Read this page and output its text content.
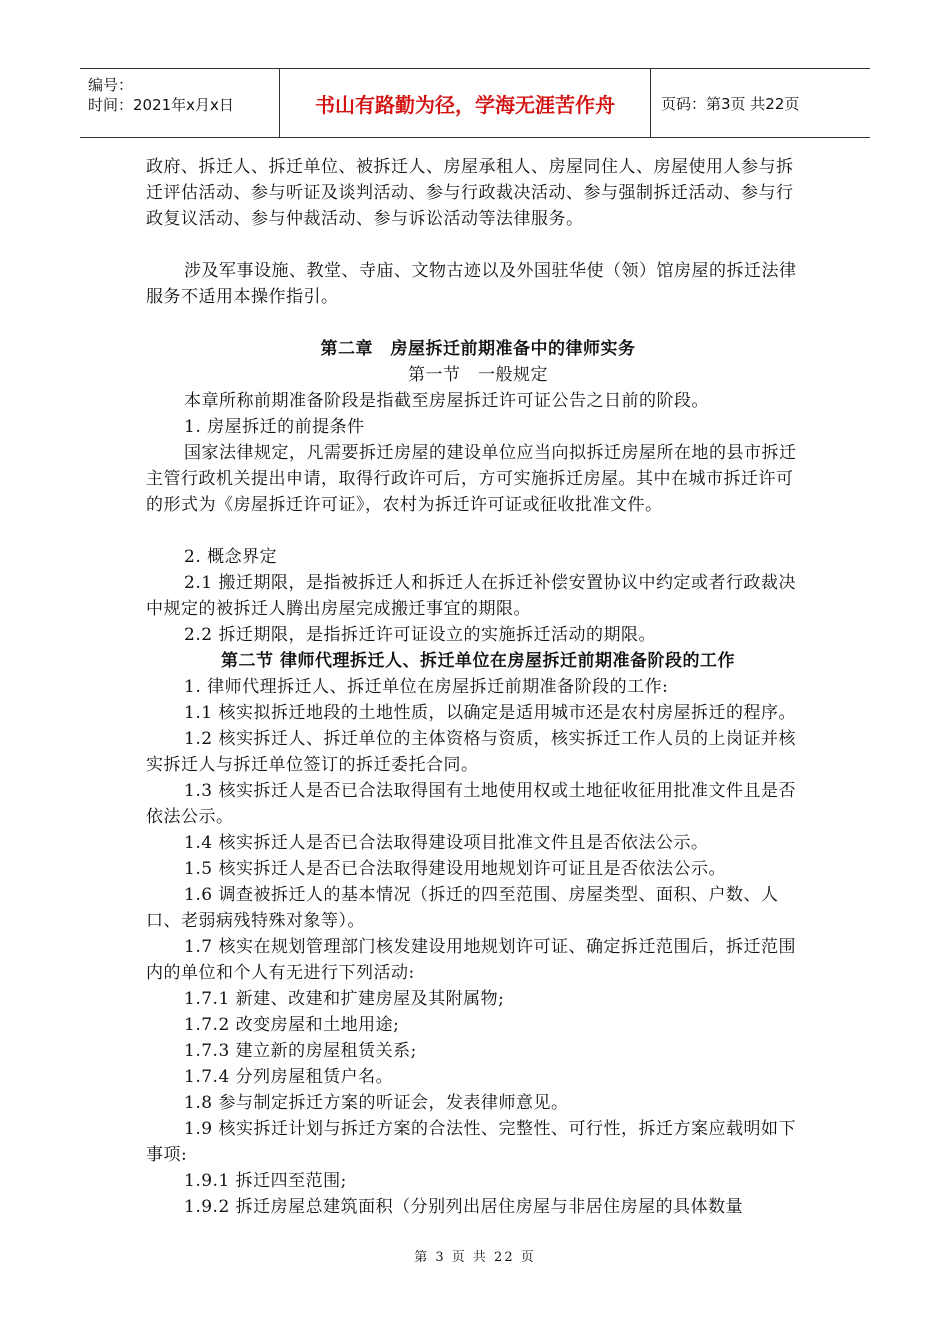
编号：
时间：2021年x月x日	书山有路勤为径，学海无涯苦作舟	页码：第3页 共22页

政府、拆迁人、拆迁单位、被拆迁人、房屋承租人、房屋同住人、房屋使用人参与拆迁评估活动、参与听证及谈判活动、参与行政裁决活动、参与强制拆迁活动、参与行政复议活动、参与仲裁活动、参与诉讼活动等法律服务。

涉及军事设施、教堂、寺庙、文物古迹以及外国驻华使（领）馆房屋的拆迁法律服务不适用本操作指引。

第二章　房屋拆迁前期准备中的律师实务

第一节　一般规定

本章所称前期准备阶段是指截至房屋拆迁许可证公告之日前的阶段。

1. 房屋拆迁的前提条件

国家法律规定，凡需要拆迁房屋的建设单位应当向拟拆迁房屋所在地的县市拆迁主管行政机关提出申请，取得行政许可后，方可实施拆迁房屋。其中在城市拆迁许可的形式为《房屋拆迁许可证》，农村为拆迁许可证或征收批准文件。

2. 概念界定

2.1 搬迁期限，是指被拆迁人和拆迁人在拆迁补偿安置协议中约定或者行政裁决中规定的被拆迁人腾出房屋完成搬迁事宜的期限。

2.2 拆迁期限，是指拆迁许可证设立的实施拆迁活动的期限。

第二节 律师代理拆迁人、拆迁单位在房屋拆迁前期准备阶段的工作

1. 律师代理拆迁人、拆迁单位在房屋拆迁前期准备阶段的工作:

1.1 核实拟拆迁地段的土地性质，以确定是适用城市还是农村房屋拆迁的程序。

1.2 核实拆迁人、拆迁单位的主体资格与资质，核实拆迁工作人员的上岗证并核实拆迁人与拆迁单位签订的拆迁委托合同。

1.3 核实拆迁人是否已合法取得国有土地使用权或土地征收征用批准文件且是否依法公示。

1.4 核实拆迁人是否已合法取得建设项目批准文件且是否依法公示。

1.5 核实拆迁人是否已合法取得建设用地规划许可证且是否依法公示。

1.6 调查被拆迁人的基本情况（拆迁的四至范围、房屋类型、面积、户数、人口、老弱病残特殊对象等）。

1.7 核实在规划管理部门核发建设用地规划许可证、确定拆迁范围后，拆迁范围内的单位和个人有无进行下列活动:

1.7.1 新建、改建和扩建房屋及其附属物;

1.7.2 改变房屋和土地用途;

1.7.3 建立新的房屋租赁关系;

1.7.4 分列房屋租赁户名。

1.8 参与制定拆迁方案的听证会，发表律师意见。

1.9 核实拆迁计划与拆迁方案的合法性、完整性、可行性，拆迁方案应载明如下事项:

1.9.1 拆迁四至范围;

1.9.2 拆迁房屋总建筑面积（分别列出居住房屋与非居住房屋的具体数量

第 3 页 共 22 页
